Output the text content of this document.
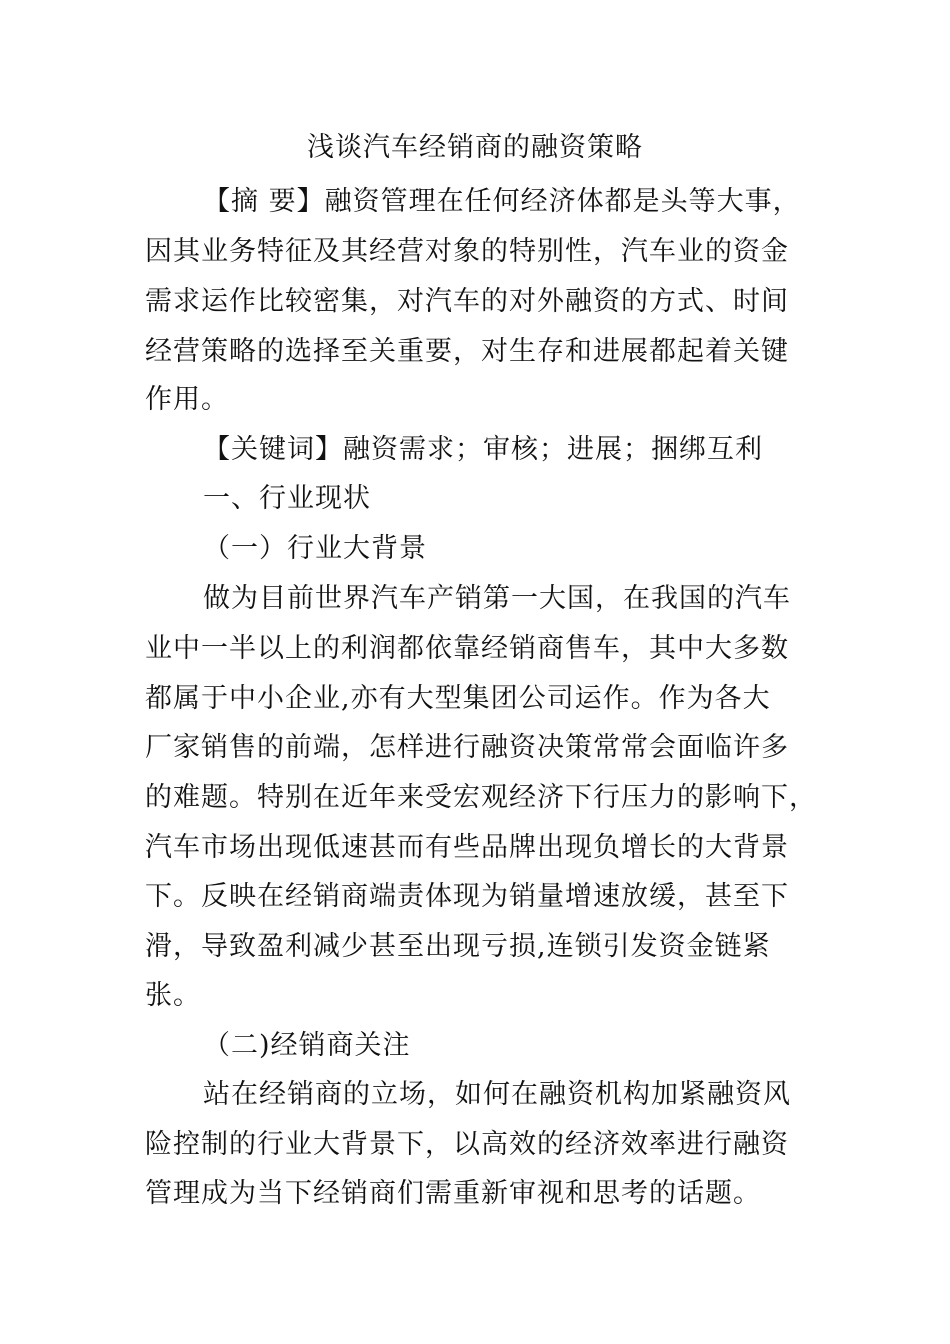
浅谈汽车经销商的融资策略
【摘 要】融资管理在任何经济体都是头等大事，
因其业务特征及其经营对象的特别性，汽车业的资金
需求运作比较密集，对汽车的对外融资的方式、时间
经营策略的选择至关重要，对生存和进展都起着关键
作用。
【关键词】融资需求；审核；进展；捆绑互利
一、行业现状
（一）行业大背景
做为目前世界汽车产销第一大国，在我国的汽车
业中一半以上的利润都依靠经销商售车，其中大多数
都属于中小企业,亦有大型集团公司运作。作为各大
厂家销售的前端，怎样进行融资决策常常会面临许多
的难题。特别在近年来受宏观经济下行压力的影响下，
汽车市场出现低速甚而有些品牌出现负增长的大背景
下。反映在经销商端责体现为销量增速放缓，甚至下
滑，导致盈利减少甚至出现亏损,连锁引发资金链紧
张。
（二)经销商关注
站在经销商的立场，如何在融资机构加紧融资风
险控制的行业大背景下，以高效的经济效率进行融资
管理成为当下经销商们需重新审视和思考的话题。
